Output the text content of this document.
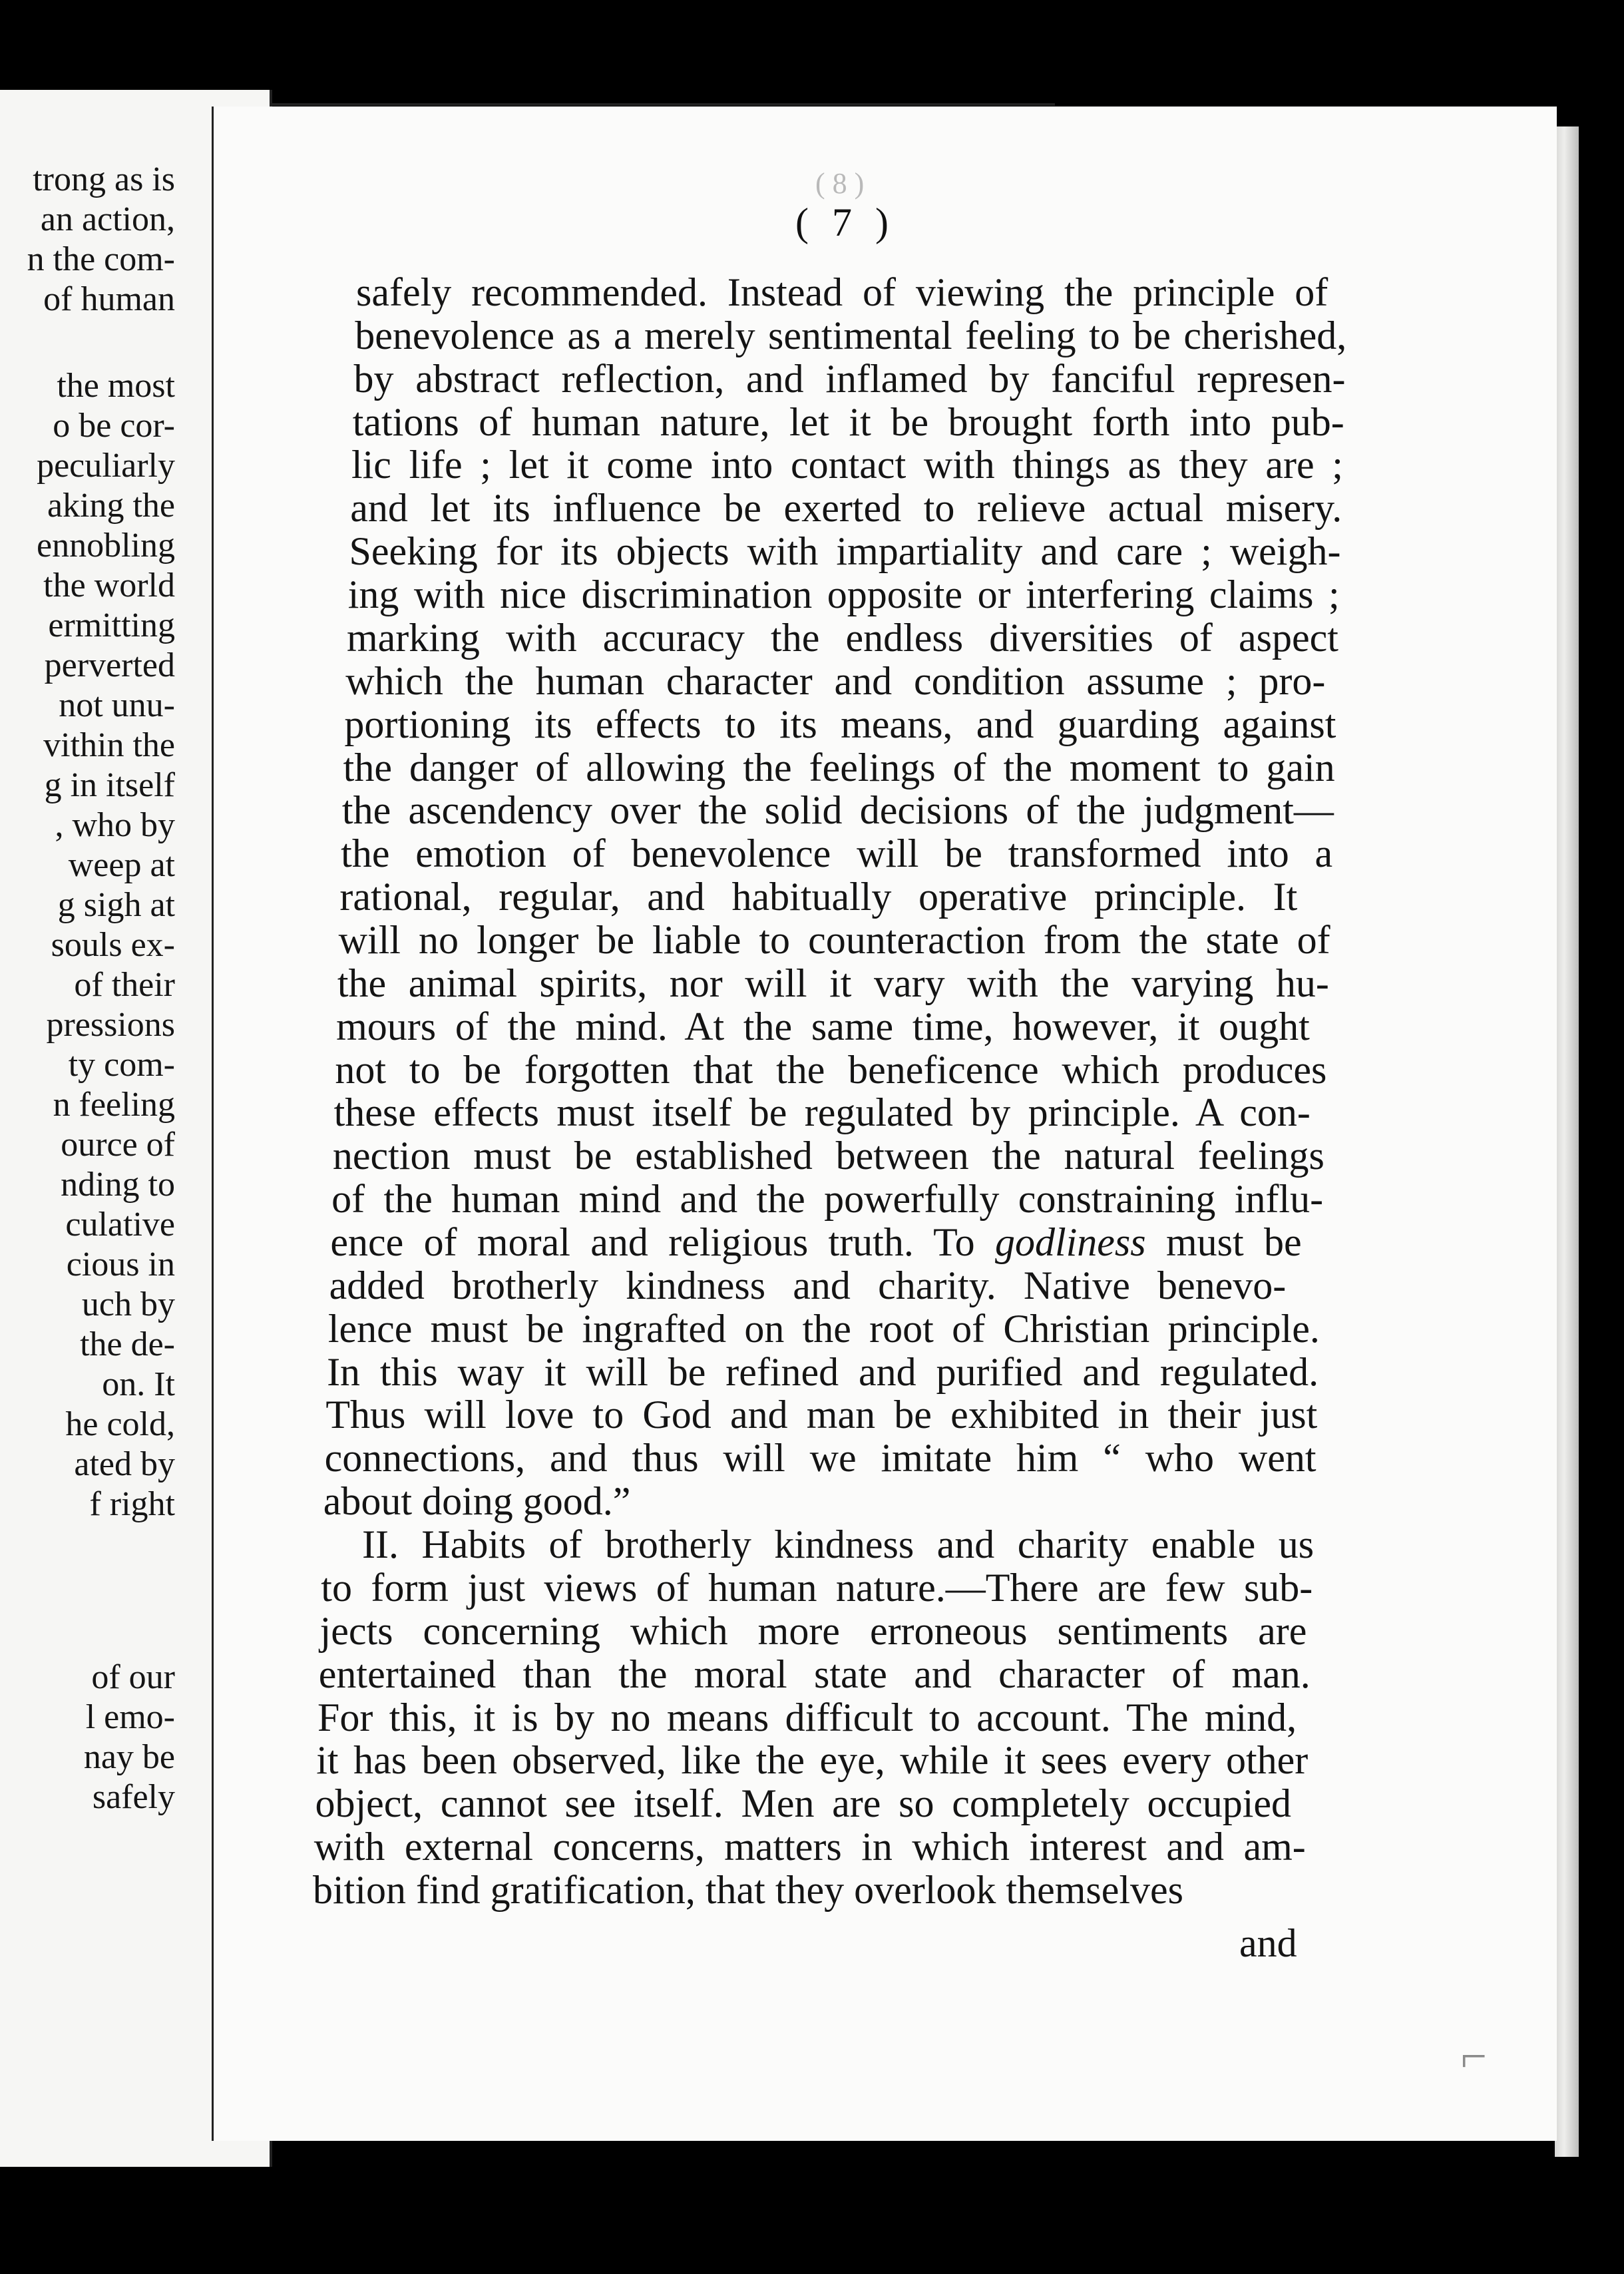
trong as is
an action,
n the com-
of human
the most
o be cor-
peculiarly
aking the
ennobling
the world
ermitting
perverted
not unu-
vithin the
g in itself
, who by
weep at
g sigh at
souls ex-
of their
pressions
ty com-
n feeling
ource of
nding to
culative
cious in
uch by
the de-
on. It
he cold,
ated by
f right
of our
l emo-
nay be
safely
( 8 )
( 7 )
safely recommended. Instead of viewing the principle of
benevolence as a merely sentimental feeling to be cherished,
by abstract reflection, and inflamed by fanciful represen-
tations of human nature, let it be brought forth into pub-
lic life ; let it come into contact with things as they are ;
and let its influence be exerted to relieve actual misery.
Seeking for its objects with impartiality and care ; weigh-
ing with nice discrimination opposite or interfering claims ;
marking with accuracy the endless diversities of aspect
which the human character and condition assume ; pro-
portioning its effects to its means, and guarding against
the danger of allowing the feelings of the moment to gain
the ascendency over the solid decisions of the judgment—
the emotion of benevolence will be transformed into a
rational, regular, and habitually operative principle. It
will no longer be liable to counteraction from the state of
the animal spirits, nor will it vary with the varying hu-
mours of the mind. At the same time, however, it ought
not to be forgotten that the beneficence which produces
these effects must itself be regulated by principle. A con-
nection must be established between the natural feelings
of the human mind and the powerfully constraining influ-
ence of moral and religious truth. To godliness must be
added brotherly kindness and charity. Native benevo-
lence must be ingrafted on the root of Christian principle.
In this way it will be refined and purified and regulated.
Thus will love to God and man be exhibited in their just
connections, and thus will we imitate him “ who went
about doing good.”
II. Habits of brotherly kindness and charity enable us
to form just views of human nature.—There are few sub-
jects concerning which more erroneous sentiments are
entertained than the moral state and character of man.
For this, it is by no means difficult to account. The mind,
it has been observed, like the eye, while it sees every other
object, cannot see itself. Men are so completely occupied
with external concerns, matters in which interest and am-
bition find gratification, that they overlook themselves
and
⌐
